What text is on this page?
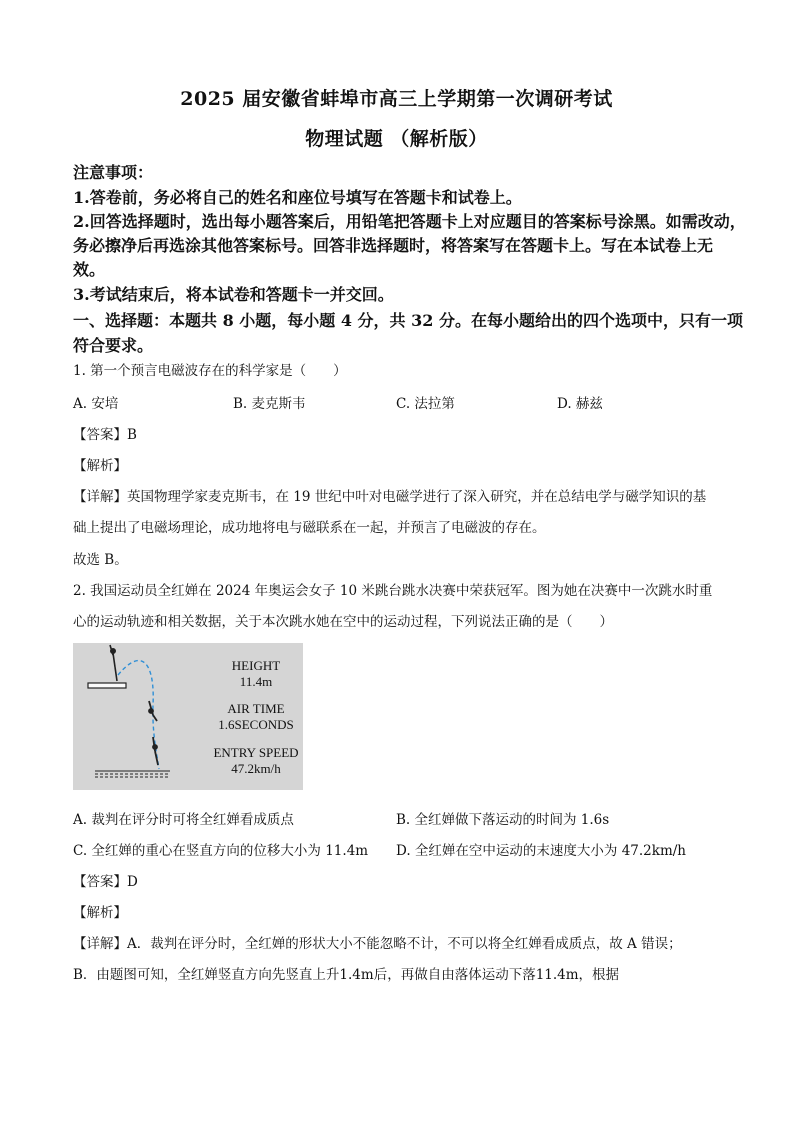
2025 届安徽省蚌埠市高三上学期第一次调研考试
物理试题 （解析版）
注意事项：
1.答卷前，务必将自己的姓名和座位号填写在答题卡和试卷上。
2.回答选择题时，选出每小题答案后，用铅笔把答题卡上对应题目的答案标号涂黑。如需改动，
务必擦净后再选涂其他答案标号。回答非选择题时，将答案写在答题卡上。写在本试卷上无
效。
3.考试结束后，将本试卷和答题卡一并交回。
一、选择题：本题共 8 小题，每小题 4 分，共 32 分。在每小题给出的四个选项中，只有一项
符合要求。
1. 第一个预言电磁波存在的科学家是（　　）
A. 安培	B. 麦克斯韦	C. 法拉第	D. 赫兹
【答案】B
【解析】
【详解】英国物理学家麦克斯韦，在 19 世纪中叶对电磁学进行了深入研究，并在总结电学与磁学知识的基
础上提出了电磁场理论，成功地将电与磁联系在一起，并预言了电磁波的存在。
故选 B。
2. 我国运动员全红婵在 2024 年奥运会女子 10 米跳台跳水决赛中荣获冠军。图为她在决赛中一次跳水时重
心的运动轨迹和相关数据，关于本次跳水她在空中的运动过程，下列说法正确的是（　　）
HEIGHT
11.4m
AIR TIME
1.6SECONDS
ENTRY SPEED
47.2km/h
A. 裁判在评分时可将全红婵看成质点	B. 全红婵做下落运动的时间为 1.6s
C. 全红婵的重心在竖直方向的位移大小为 11.4m D. 全红婵在空中运动的末速度大小为 47.2km/h
【答案】D
【解析】
【详解】A．裁判在评分时，全红婵的形状大小不能忽略不计，不可以将全红婵看成质点，故 A 错误；
B．由题图可知，全红婵竖直方向先竖直上升1.4m后，再做自由落体运动下落11.4m，根据
